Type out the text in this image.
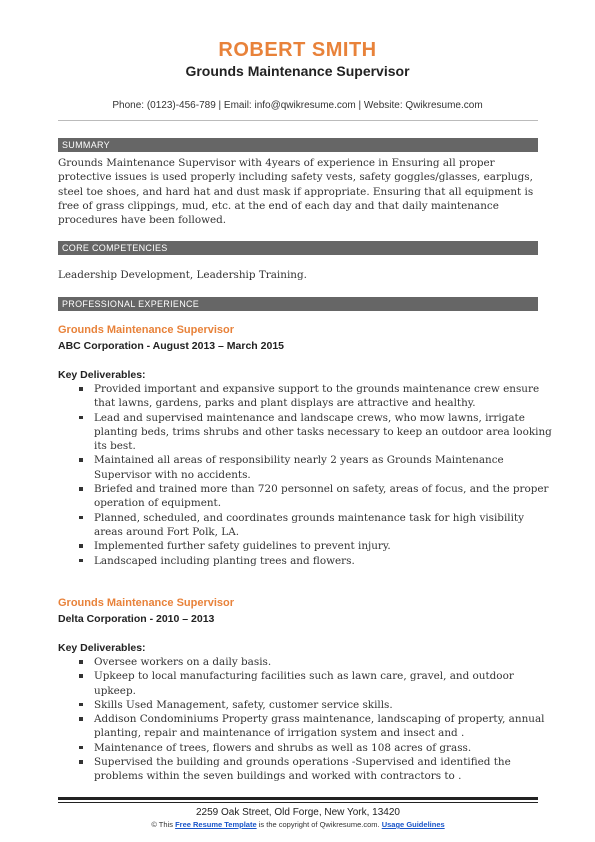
ROBERT SMITH
Grounds Maintenance Supervisor
Phone: (0123)-456-789 | Email: info@qwikresume.com | Website: Qwikresume.com
SUMMARY
Grounds Maintenance Supervisor with 4years of experience in Ensuring all proper protective issues is used properly including safety vests, safety goggles/glasses, earplugs, steel toe shoes, and hard hat and dust mask if appropriate. Ensuring that all equipment is free of grass clippings, mud, etc. at the end of each day and that daily maintenance procedures have been followed.
CORE COMPETENCIES
Leadership Development, Leadership Training.
PROFESSIONAL EXPERIENCE
Grounds Maintenance Supervisor
ABC Corporation - August 2013 – March 2015
Key Deliverables:
Provided important and expansive support to the grounds maintenance crew ensure that lawns, gardens, parks and plant displays are attractive and healthy.
Lead and supervised maintenance and landscape crews, who mow lawns, irrigate planting beds, trims shrubs and other tasks necessary to keep an outdoor area looking its best.
Maintained all areas of responsibility nearly 2 years as Grounds Maintenance Supervisor with no accidents.
Briefed and trained more than 720 personnel on safety, areas of focus, and the proper operation of equipment.
Planned, scheduled, and coordinates grounds maintenance task for high visibility areas around Fort Polk, LA.
Implemented further safety guidelines to prevent injury.
Landscaped including planting trees and flowers.
Grounds Maintenance Supervisor
Delta Corporation - 2010 – 2013
Key Deliverables:
Oversee workers on a daily basis.
Upkeep to local manufacturing facilities such as lawn care, gravel, and outdoor upkeep.
Skills Used Management, safety, customer service skills.
Addison Condominiums Property grass maintenance, landscaping of property, annual planting, repair and maintenance of irrigation system and insect and .
Maintenance of trees, flowers and shrubs as well as 108 acres of grass.
Supervised the building and grounds operations -Supervised and identified the problems within the seven buildings and worked with contractors to .
2259 Oak Street, Old Forge, New York, 13420
© This Free Resume Template is the copyright of Qwikresume.com. Usage Guidelines
